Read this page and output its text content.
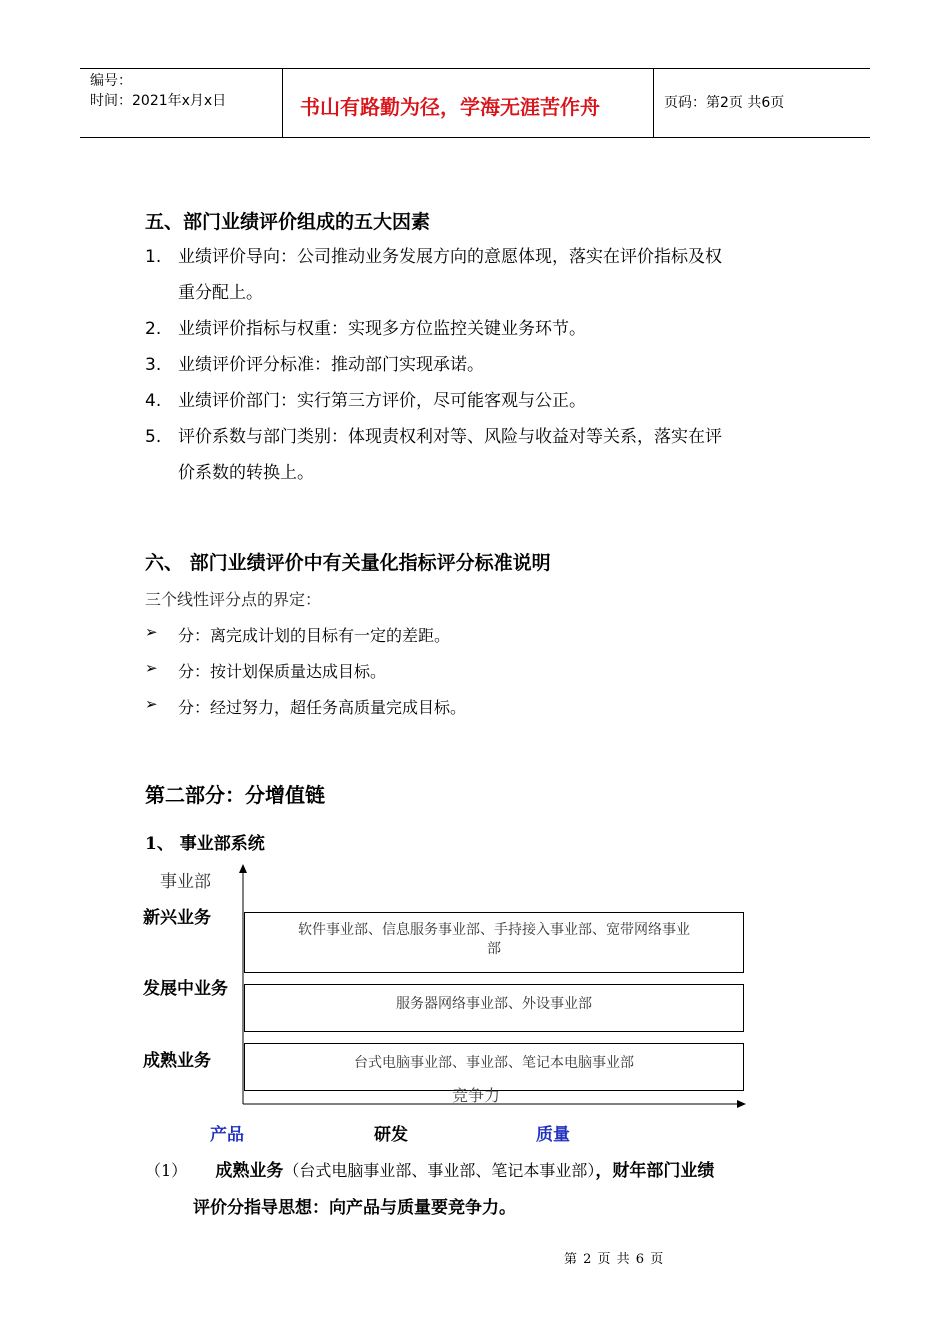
编号：
时间：2021年x月x日	书山有路勤为径，学海无涯苦作舟	页码：第2页 共6页
五、部门业绩评价组成的五大因素
1. 业绩评价导向：公司推动业务发展方向的意愿体现，落实在评价指标及权
重分配上。
2. 业绩评价指标与权重：实现多方位监控关键业务环节。
3. 业绩评价评分标准：推动部门实现承诺。
4. 业绩评价部门：实行第三方评价，尽可能客观与公正。
5. 评价系数与部门类别：体现责权利对等、风险与收益对等关系，落实在评
价系数的转换上。
六、 部门业绩评价中有关量化指标评分标准说明
三个线性评分点的界定：
➢ 分：离完成计划的目标有一定的差距。
➢ 分：按计划保质量达成目标。
➢ 分：经过努力，超任务高质量完成目标。
第二部分：分增值链
1、 事业部系统
事业部
新兴业务
发展中业务
成熟业务
软件事业部、信息服务事业部、手持接入事业部、宽带网络事业
部
服务器网络事业部、外设事业部
台式电脑事业部、事业部、笔记本电脑事业部
竞争力
产品	研发	质量
（1） 成熟业务（台式电脑事业部、事业部、笔记本事业部），财年部门业绩
评价分指导思想：向产品与质量要竞争力。
第 2 页 共 6 页
